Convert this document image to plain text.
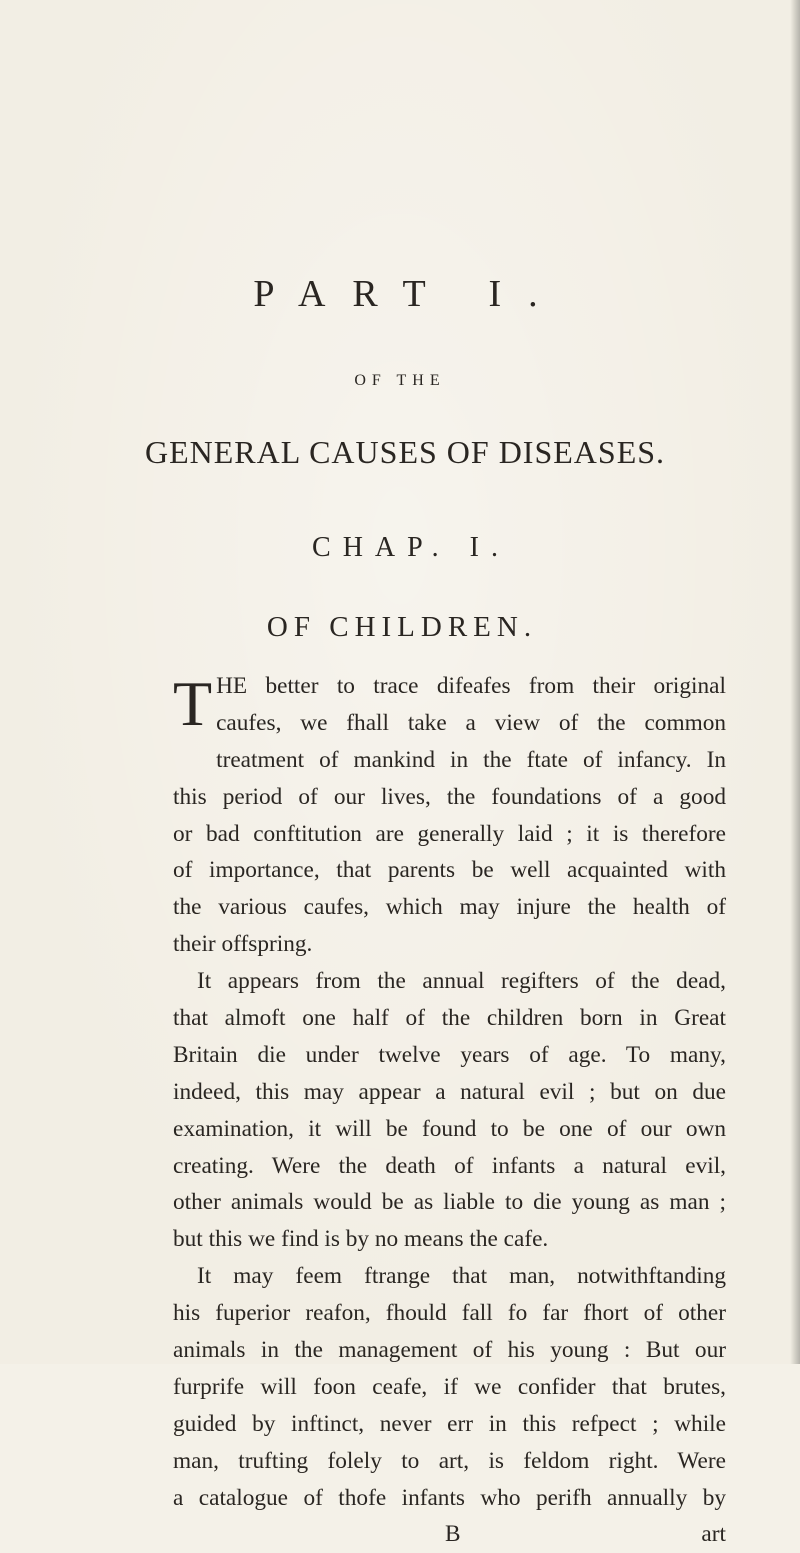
PART I.

OF THE

GENERAL CAUSES OF DISEASES.

CHAP. I.

OF CHILDREN.

T HE better to trace difeafes from their original
caufes, we fhall take a view of the common
treatment of mankind in the ftate of infancy. In
this period of our lives, the foundations of a good
or bad conftitution are generally laid ; it is therefore
of importance, that parents be well acquainted with
the various caufes, which may injure the health of
their offspring.
It appears from the annual regifters of the dead,
that almoft one half of the children born in Great
Britain die under twelve years of age. To many,
indeed, this may appear a natural evil ; but on due
examination, it will be found to be one of our own
creating. Were the death of infants a natural evil,
other animals would be as liable to die young as man ;
but this we find is by no means the cafe.
It may feem ftrange that man, notwithftanding
his fuperior reafon, fhould fall fo far fhort of other
animals in the management of his young : But our
furprife will foon ceafe, if we confider that brutes,
guided by inftinct, never err in this refpect ; while
man, trufting folely to art, is feldom right. Were
a catalogue of thofe infants who perifh annually by
B	art
